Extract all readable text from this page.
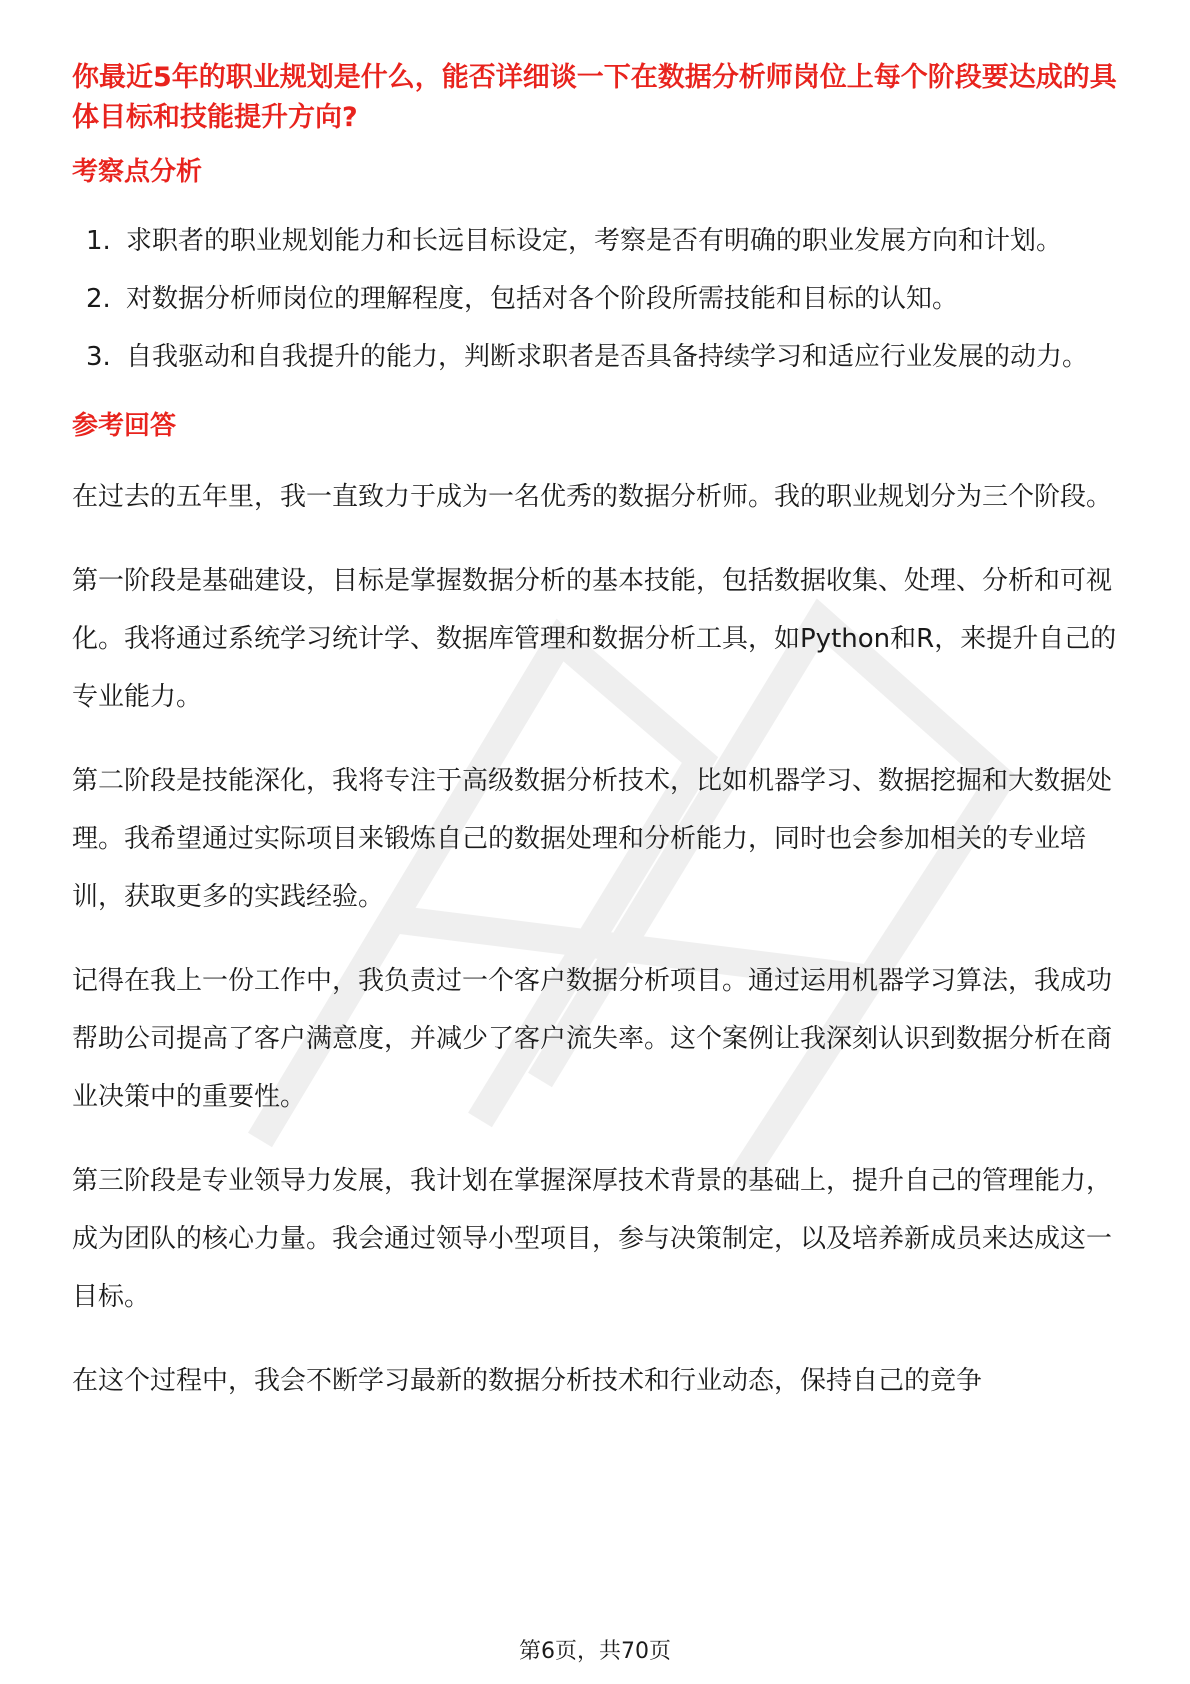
你最近5年的职业规划是什么，能否详细谈一下在数据分析师岗位上每个阶段要达成的具体目标和技能提升方向?

考察点分析
1. 求职者的职业规划能力和长远目标设定，考察是否有明确的职业发展方向和计划。
2. 对数据分析师岗位的理解程度，包括对各个阶段所需技能和目标的认知。
3. 自我驱动和自我提升的能力，判断求职者是否具备持续学习和适应行业发展的动力。
参考回答

在过去的五年里，我一直致力于成为一名优秀的数据分析师。我的职业规划分为三个阶段。

第一阶段是基础建设，目标是掌握数据分析的基本技能，包括数据收集、处理、分析和可视化。我将通过系统学习统计学、数据库管理和数据分析工具，如Python和R，来提升自己的专业能力。

第二阶段是技能深化，我将专注于高级数据分析技术，比如机器学习、数据挖掘和大数据处理。我希望通过实际项目来锻炼自己的数据处理和分析能力，同时也会参加相关的专业培训，获取更多的实践经验。

记得在我上一份工作中，我负责过一个客户数据分析项目。通过运用机器学习算法，我成功帮助公司提高了客户满意度，并减少了客户流失率。这个案例让我深刻认识到数据分析在商业决策中的重要性。

第三阶段是专业领导力发展，我计划在掌握深厚技术背景的基础上，提升自己的管理能力，成为团队的核心力量。我会通过领导小型项目，参与决策制定，以及培养新成员来达成这一目标。

在这个过程中，我会不断学习最新的数据分析技术和行业动态，保持自己的竞争

第6页，共70页
